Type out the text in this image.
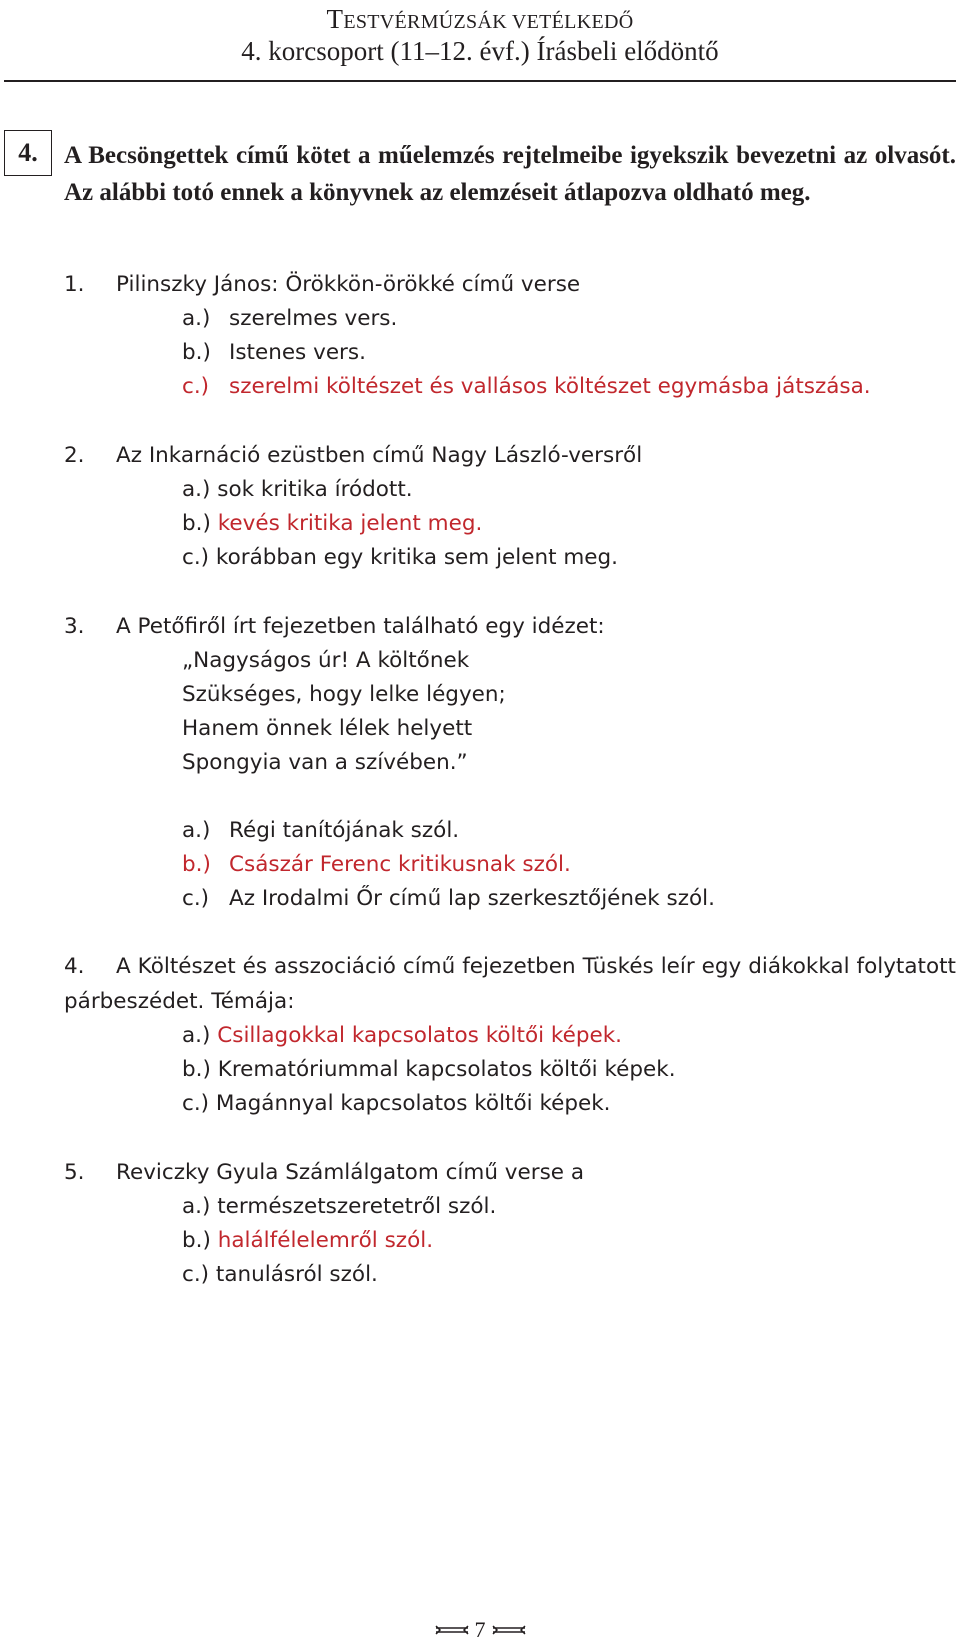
TESTVÉRMÚZSÁK VETÉLKEDŐ
4. korcsoport (11–12. évf.) Írásbeli elődöntő
4.	A Becsöngettek című kötet a műelemzés rejtelmeibe igyekszik bevezetni az olvasót. Az alábbi totó ennek a könyvnek az elemzéseit átlapozva oldható meg.
1. Pilinszky János: Örökkön-örökké című verse
a.) szerelmes vers.
b.) Istenes vers.
c.) szerelmi költészet és vallásos költészet egymásba játszása.
2. Az Inkarnáció ezüstben című Nagy László-versről
a.) sok kritika íródott.
b.) kevés kritika jelent meg.
c.) korábban egy kritika sem jelent meg.
3. A Petőfiről írt fejezetben található egy idézet:
„Nagyságos úr! A költőnek
Szükséges, hogy lelke légyen;
Hanem önnek lélek helyett
Spongyia van a szívében.”
a.) Régi tanítójának szól.
b.) Császár Ferenc kritikusnak szól.
c.) Az Irodalmi Őr című lap szerkesztőjének szól.
4. A Költészet és asszociáció című fejezetben Tüskés leír egy diákokkal folytatott párbeszédet. Témája:
a.) Csillagokkal kapcsolatos költői képek.
b.) Krematóriummal kapcsolatos költői képek.
c.) Magánnyal kapcsolatos költői képek.
5. Reviczky Gyula Számlálgatom című verse a
a.) természetszeretetről szól.
b.) halálfélelemről szól.
c.) tanulásról szól.
7
